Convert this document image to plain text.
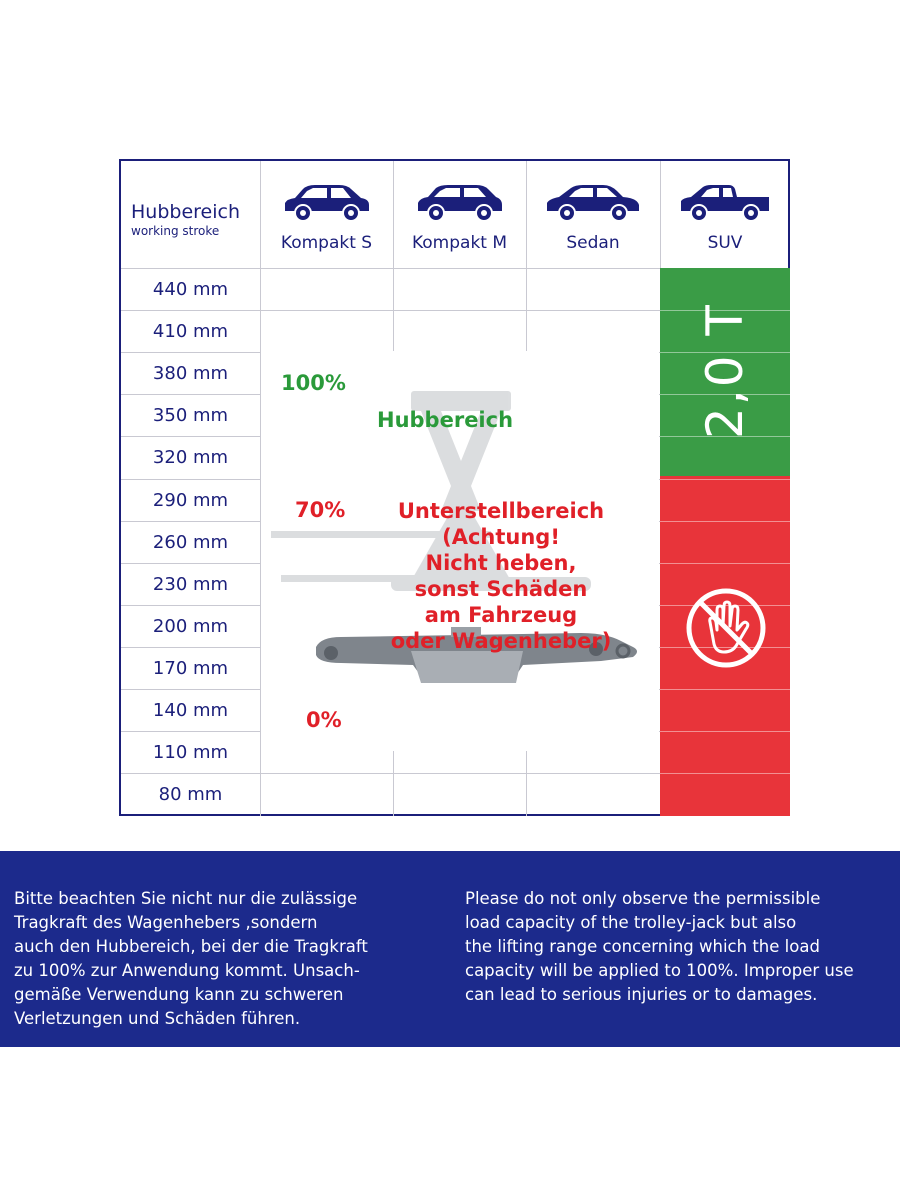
Hubbereich
working stroke
Kompakt S	Kompakt M	Sedan	SUV
440 mm
410 mm
380 mm
350 mm
320 mm
290 mm
260 mm
230 mm
200 mm
170 mm
140 mm
110 mm
80 mm
100%
Hubbereich
70%
0%
Unterstellbereich
(Achtung!
Nicht heben,
sonst Schäden
am Fahrzeug
oder Wagenheber)
2,0 T
Bitte beachten Sie nicht nur die zulässige
Tragkraft des Wagenhebers ,sondern
auch den Hubbereich, bei der die Tragkraft
zu 100% zur Anwendung kommt. Unsach-
gemäße Verwendung kann zu schweren
Verletzungen und Schäden führen.
Please do not only observe the permissible
load capacity of the trolley-jack but also
the lifting range concerning which the load
capacity will be applied to 100%. Improper use
can lead to serious injuries or to damages.
